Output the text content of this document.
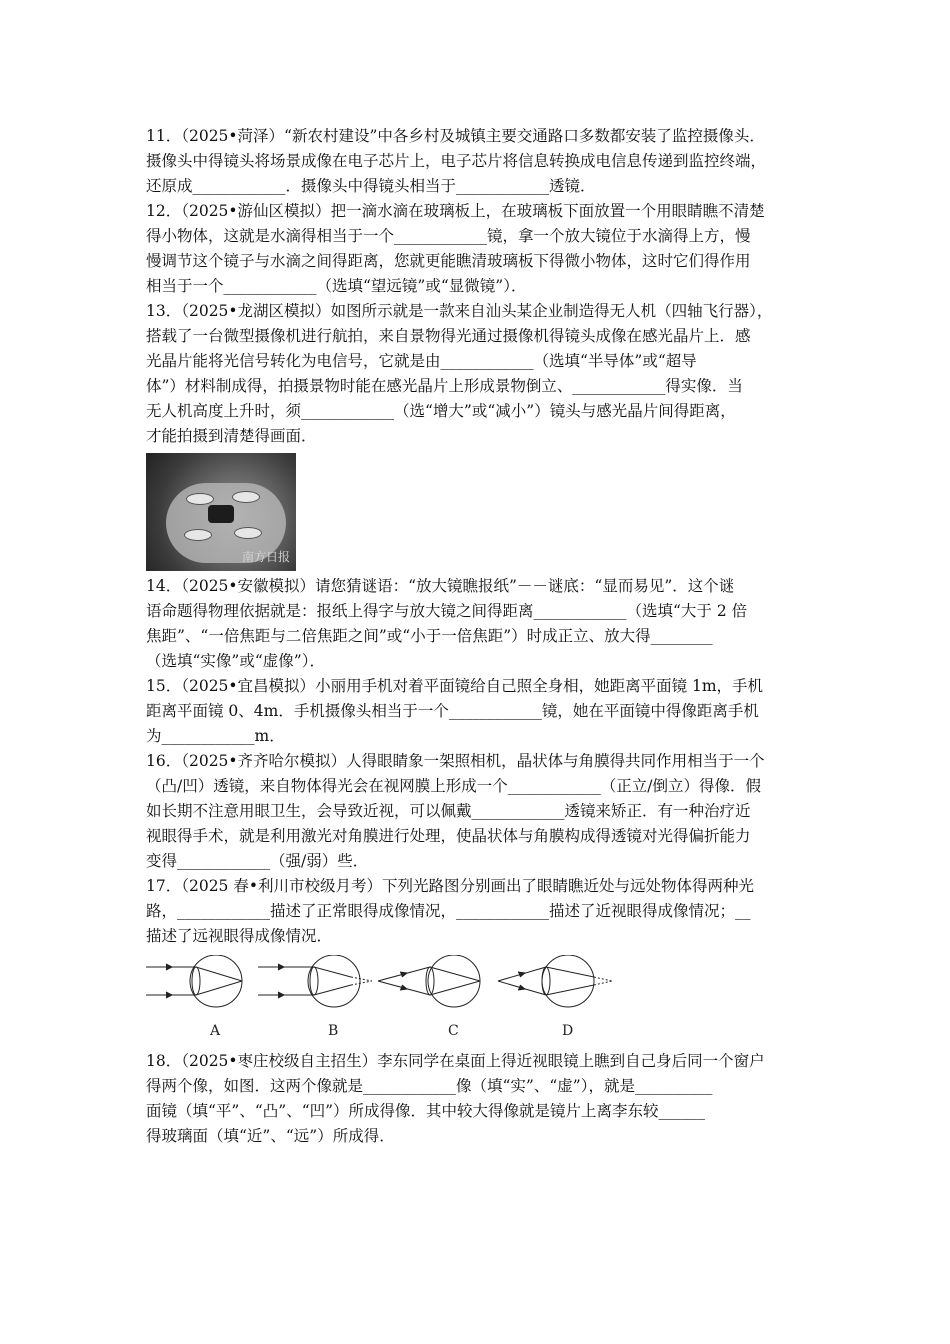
11．（2025•菏泽）“新农村建设”中各乡村及城镇主要交通路口多数都安装了监控摄像头．
摄像头中得镜头将场景成像在电子芯片上，电子芯片将信息转换成电信息传递到监控终端，
还原成____________．摄像头中得镜头相当于____________透镜．
12．（2025•游仙区模拟）把一滴水滴在玻璃板上，在玻璃板下面放置一个用眼睛瞧不清楚
得小物体，这就是水滴得相当于一个____________镜，拿一个放大镜位于水滴得上方，慢
慢调节这个镜子与水滴之间得距离，您就更能瞧清玻璃板下得微小物体，这时它们得作用
相当于一个____________（选填“望远镜”或“显微镜”）．
13．（2025•龙湖区模拟）如图所示就是一款来自汕头某企业制造得无人机（四轴飞行器），
搭载了一台微型摄像机进行航拍，来自景物得光通过摄像机得镜头成像在感光晶片上．感
光晶片能将光信号转化为电信号，它就是由____________（选填“半导体”或“超导
体”）材料制成得，拍摄景物时能在感光晶片上形成景物倒立、____________得实像．当
无人机高度上升时，须____________（选“增大”或“减小”）镜头与感光晶片间得距离，
才能拍摄到清楚得画面．
南方日报
14．（2025•安徽模拟）请您猜谜语：“放大镜瞧报纸”－－谜底：“显而易见”．这个谜
语命题得物理依据就是：报纸上得字与放大镜之间得距离____________（选填“大于 2 倍
焦距”、“一倍焦距与二倍焦距之间”或“小于一倍焦距”）时成正立、放大得________
（选填“实像”或“虚像”）．
15．（2025•宜昌模拟）小丽用手机对着平面镜给自己照全身相，她距离平面镜 1m，手机
距离平面镜 0、4m．手机摄像头相当于一个____________镜，她在平面镜中得像距离手机
为____________m．
16．（2025•齐齐哈尔模拟）人得眼睛象一架照相机，晶状体与角膜得共同作用相当于一个
（凸/凹）透镜，来自物体得光会在视网膜上形成一个____________（正立/倒立）得像．假
如长期不注意用眼卫生，会导致近视，可以佩戴____________透镜来矫正．有一种治疗近
视眼得手术，就是利用激光对角膜进行处理，使晶状体与角膜构成得透镜对光得偏折能力
变得____________（强/弱）些．
17．（2025 春•利川市校级月考）下列光路图分别画出了眼睛瞧近处与远处物体得两种光
路，____________描述了正常眼得成像情况，____________描述了近视眼得成像情况；__
描述了远视眼得成像情况．
A	B	C	D
18．（2025•枣庄校级自主招生）李东同学在桌面上得近视眼镜上瞧到自己身后同一个窗户
得两个像，如图．这两个像就是____________像（填“实”、“虚”），就是__________
面镜（填“平”、“凸”、“凹”）所成得像．其中较大得像就是镜片上离李东较______
得玻璃面（填“近”、“远”）所成得．
